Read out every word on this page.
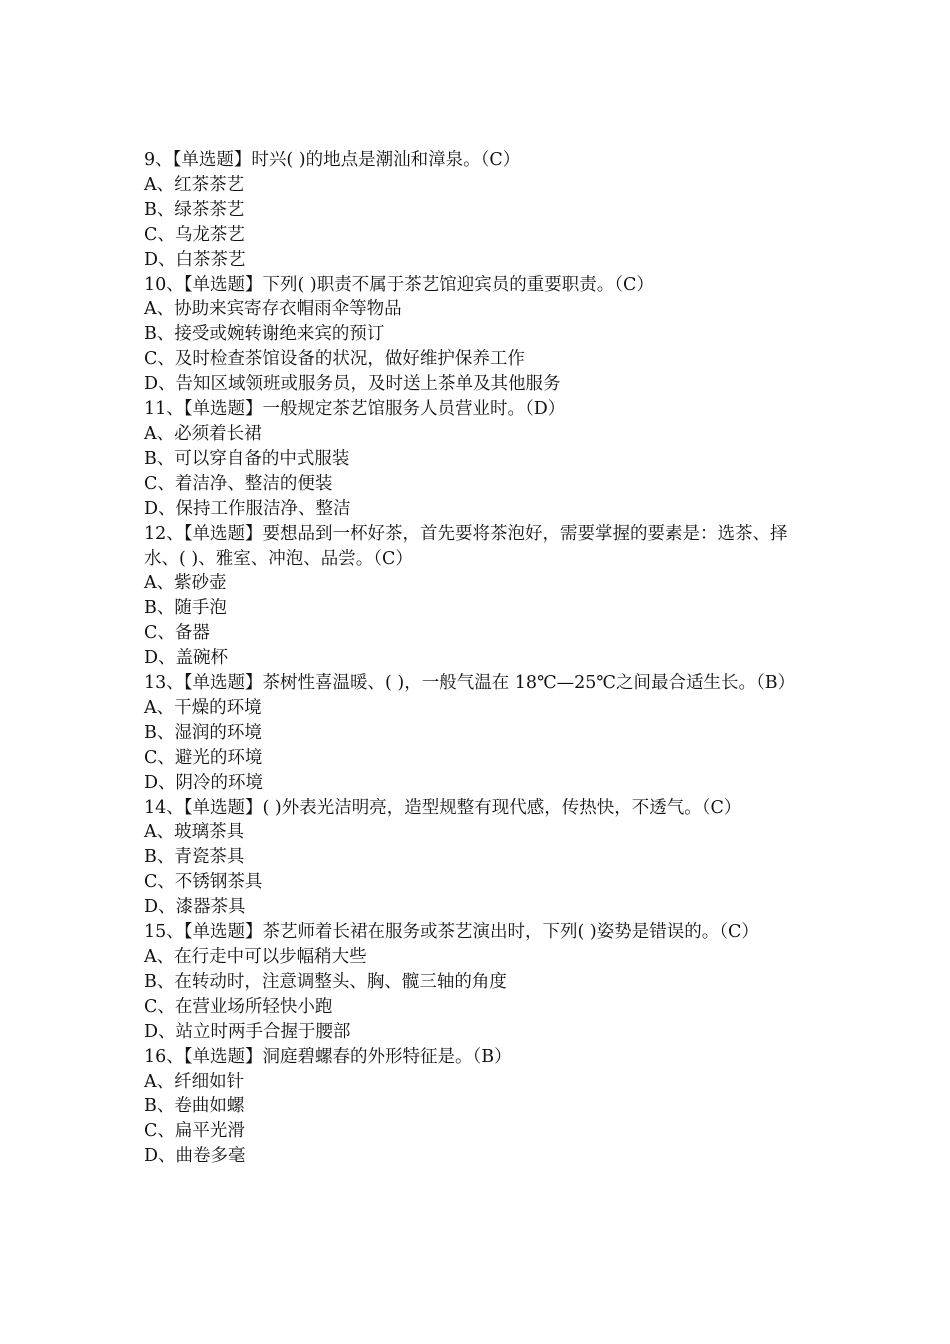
9、【单选题】时兴( )的地点是潮汕和漳泉。（C）
A、红茶茶艺
B、绿茶茶艺
C、乌龙茶艺
D、白茶茶艺
10、【单选题】下列( )职责不属于茶艺馆迎宾员的重要职责。（C）
A、协助来宾寄存衣帽雨伞等物品
B、接受或婉转谢绝来宾的预订
C、及时检查茶馆设备的状况，做好维护保养工作
D、告知区域领班或服务员，及时送上茶单及其他服务
11、【单选题】一般规定茶艺馆服务人员营业时。（D）
A、必须着长裙
B、可以穿自备的中式服装
C、着洁净、整洁的便装
D、保持工作服洁净、整洁
12、【单选题】要想品到一杯好茶，首先要将茶泡好，需要掌握的要素是：选茶、择水、( )、雅室、冲泡、品尝。（C）
A、紫砂壶
B、随手泡
C、备器
D、盖碗杯
13、【单选题】茶树性喜温暖、( )，一般气温在 18℃—25℃之间最合适生长。（B）
A、干燥的环境
B、湿润的环境
C、避光的环境
D、阴冷的环境
14、【单选题】( )外表光洁明亮，造型规整有现代感，传热快，不透气。（C）
A、玻璃茶具
B、青瓷茶具
C、不锈钢茶具
D、漆器茶具
15、【单选题】茶艺师着长裙在服务或茶艺演出时，下列( )姿势是错误的。（C）
A、在行走中可以步幅稍大些
B、在转动时，注意调整头、胸、髋三轴的角度
C、在营业场所轻快小跑
D、站立时两手合握于腰部
16、【单选题】洞庭碧螺春的外形特征是。（B）
A、纤细如针
B、卷曲如螺
C、扁平光滑
D、曲卷多毫
